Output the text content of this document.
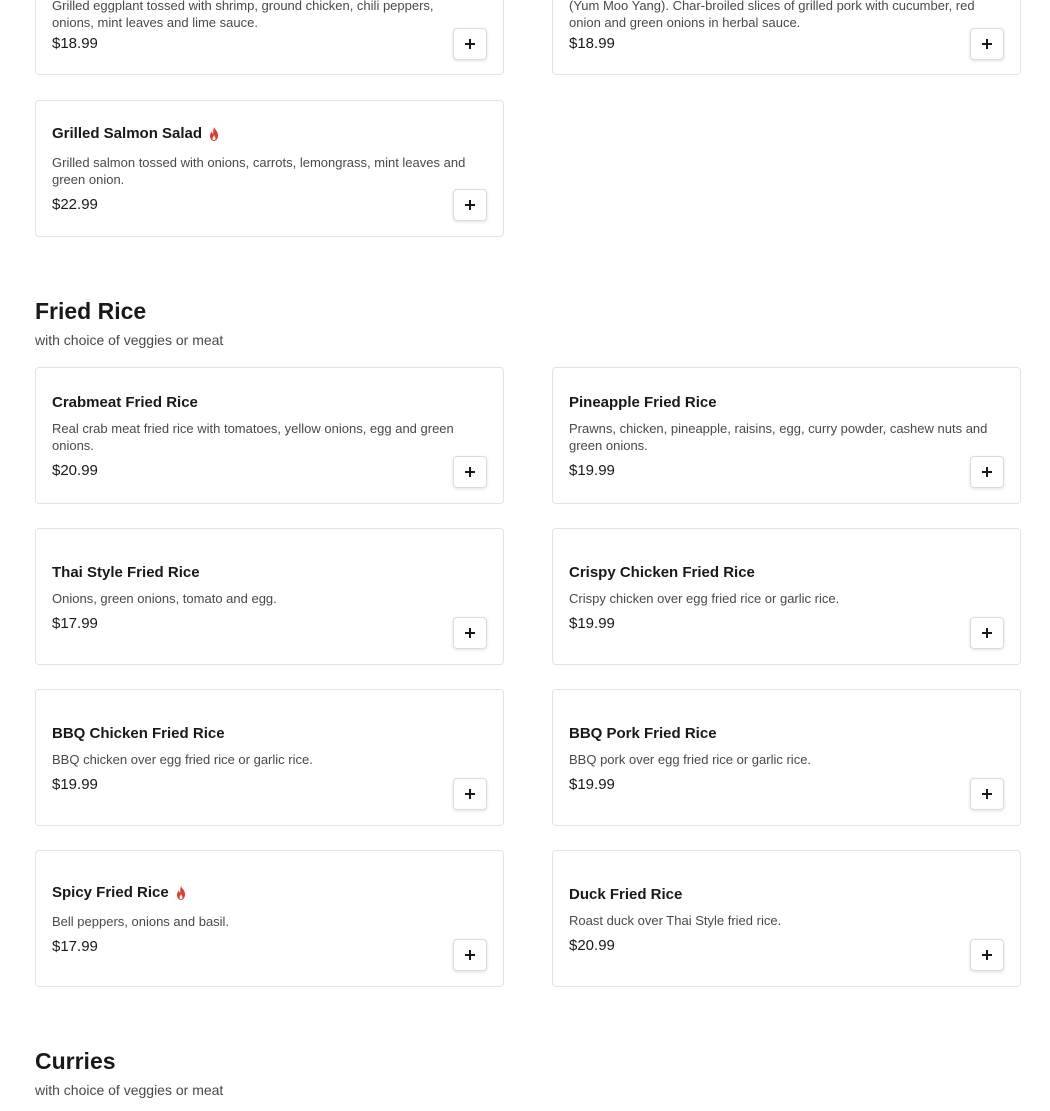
Grilled eggplant tossed with shrimp, ground chicken, chili peppers, onions, mint leaves and lime sauce.
$18.99
(Yum Moo Yang). Char-broiled slices of grilled pork with cucumber, red onion and green onions in herbal sauce.
$18.99
Grilled Salmon Salad
Grilled salmon tossed with onions, carrots, lemongrass, mint leaves and green onion.
$22.99
Fried Rice
with choice of veggies or meat
Crabmeat Fried Rice
Real crab meat fried rice with tomatoes, yellow onions, egg and green onions.
$20.99
Pineapple Fried Rice
Prawns, chicken, pineapple, raisins, egg, curry powder, cashew nuts and green onions.
$19.99
Thai Style Fried Rice
Onions, green onions, tomato and egg.
$17.99
Crispy Chicken Fried Rice
Crispy chicken over egg fried rice or garlic rice.
$19.99
BBQ Chicken Fried Rice
BBQ chicken over egg fried rice or garlic rice.
$19.99
BBQ Pork Fried Rice
BBQ pork over egg fried rice or garlic rice.
$19.99
Spicy Fried Rice
Bell peppers, onions and basil.
$17.99
Duck Fried Rice
Roast duck over Thai Style fried rice.
$20.99
Curries
with choice of veggies or meat
